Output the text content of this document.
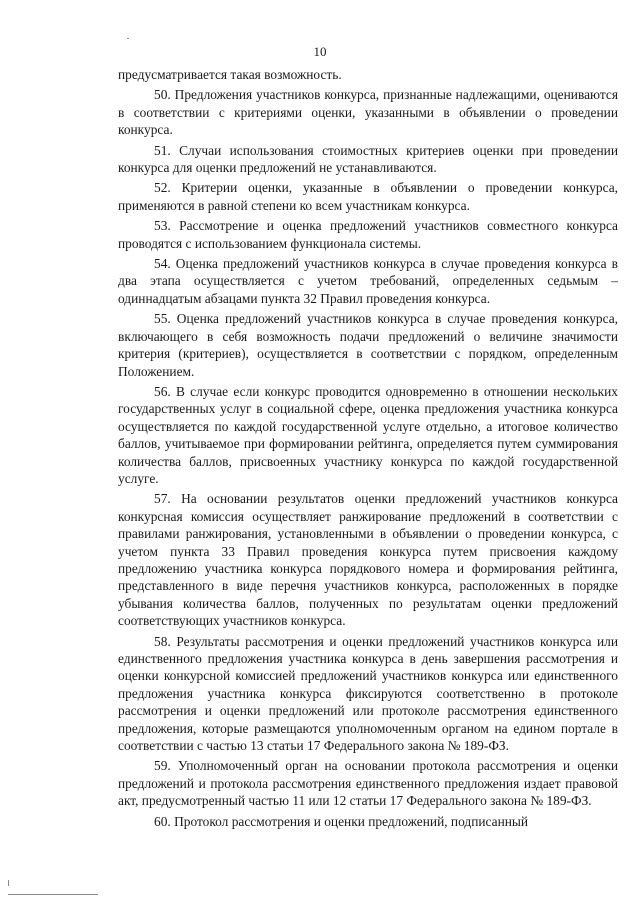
10

предусматривается такая возможность.

50. Предложения участников конкурса, признанные надлежащими, оцениваются в соответствии с критериями оценки, указанными в объявлении о проведении конкурса.

51. Случаи использования стоимостных критериев оценки при проведении конкурса для оценки предложений не устанавливаются.

52. Критерии оценки, указанные в объявлении о проведении конкурса, применяются в равной степени ко всем участникам конкурса.

53. Рассмотрение и оценка предложений участников совместного конкурса проводятся с использованием функционала системы.

54. Оценка предложений участников конкурса в случае проведения конкурса в два этапа осуществляется с учетом требований, определенных седьмым – одиннадцатым абзацами пункта 32 Правил проведения конкурса.

55. Оценка предложений участников конкурса в случае проведения конкурса, включающего в себя возможность подачи предложений о величине значимости критерия (критериев), осуществляется в соответствии с порядком, определенным Положением.

56. В случае если конкурс проводится одновременно в отношении нескольких государственных услуг в социальной сфере, оценка предложения участника конкурса осуществляется по каждой государственной услуге отдельно, а итоговое количество баллов, учитываемое при формировании рейтинга, определяется путем суммирования количества баллов, присвоенных участнику конкурса по каждой государственной услуге.

57. На основании результатов оценки предложений участников конкурса конкурсная комиссия осуществляет ранжирование предложений в соответствии с правилами ранжирования, установленными в объявлении о проведении конкурса, с учетом пункта 33 Правил проведения конкурса путем присвоения каждому предложению участника конкурса порядкового номера и формирования рейтинга, представленного в виде перечня участников конкурса, расположенных в порядке убывания количества баллов, полученных по результатам оценки предложений соответствующих участников конкурса.

58. Результаты рассмотрения и оценки предложений участников конкурса или единственного предложения участника конкурса в день завершения рассмотрения и оценки конкурсной комиссией предложений участников конкурса или единственного предложения участника конкурса фиксируются соответственно в протоколе рассмотрения и оценки предложений или протоколе рассмотрения единственного предложения, которые размещаются уполномоченным органом на едином портале в соответствии с частью 13 статьи 17 Федерального закона № 189-ФЗ.

59. Уполномоченный орган на основании протокола рассмотрения и оценки предложений и протокола рассмотрения единственного предложения издает правовой акт, предусмотренный частью 11 или 12 статьи 17 Федерального закона № 189-ФЗ.

60. Протокол рассмотрения и оценки предложений, подписанный
